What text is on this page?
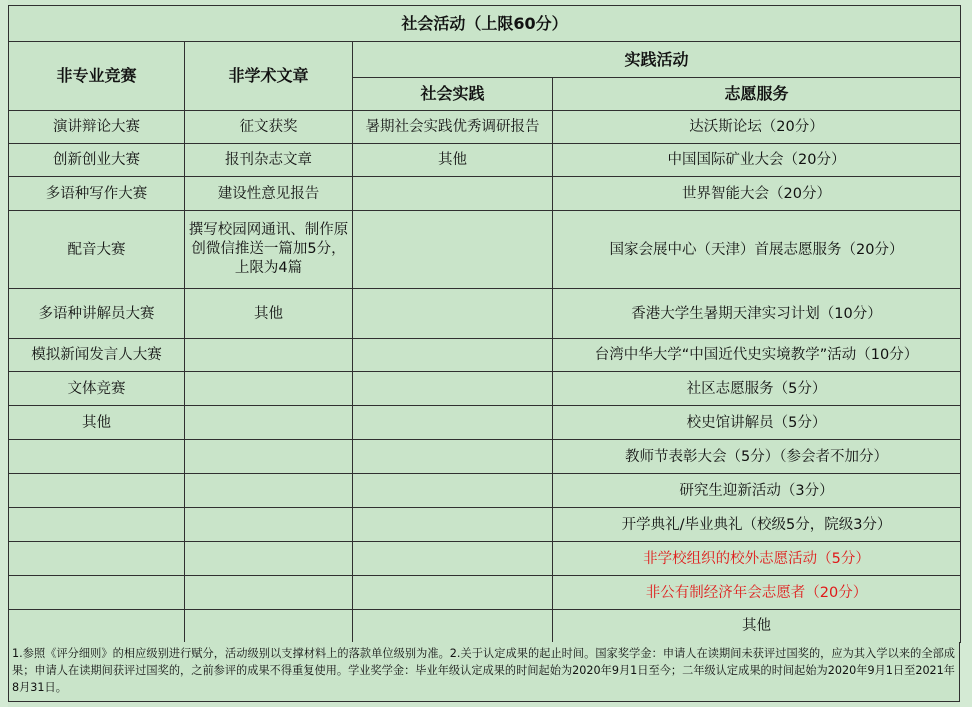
社会活动（上限60分）			
非专业竞赛	非学术文章	实践活动	
		社会实践	志愿服务
演讲辩论大赛	征文获奖	暑期社会实践优秀调研报告	达沃斯论坛（20分）
创新创业大赛	报刊杂志文章	其他	中国国际矿业大会（20分）
多语种写作大赛	建设性意见报告		世界智能大会（20分）
配音大赛	撰写校园网通讯、制作原创微信推送一篇加5分，上限为4篇		国家会展中心（天津）首展志愿服务（20分）
多语种讲解员大赛	其他		香港大学生暑期天津实习计划（10分）
模拟新闻发言人大赛			台湾中华大学“中国近代史实境教学”活动（10分）
文体竞赛			社区志愿服务（5分）
其他			校史馆讲解员（5分）
			教师节表彰大会（5分）（参会者不加分）
			研究生迎新活动（3分）
			开学典礼/毕业典礼（校级5分，院级3分）
			非学校组织的校外志愿活动（5分）
			非公有制经济年会志愿者（20分）
			其他
1.参照《评分细则》的相应级别进行赋分，活动级别以支撑材料上的落款单位级别为准。2.关于认定成果的起止时间。国家奖学金：申请人在读期间未获评过国奖的，应为其入学以来的全部成果；申请人在读期间获评过国奖的，之前参评的成果不得重复使用。学业奖学金：毕业年级认定成果的时间起始为2020年9月1日至今；二年级认定成果的时间起始为2020年9月1日至2021年8月31日。
